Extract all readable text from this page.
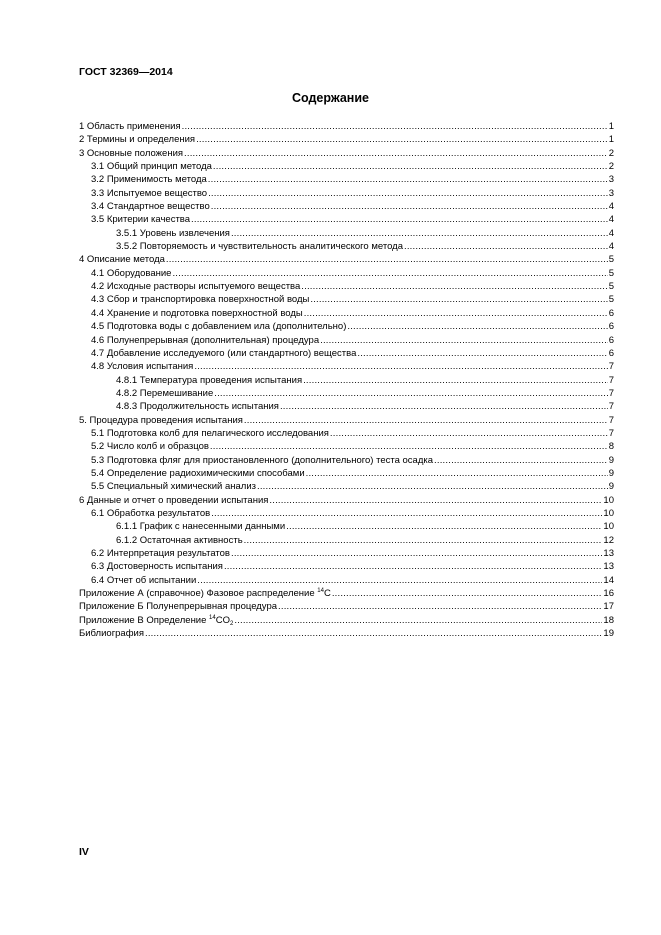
ГОСТ 32369—2014
Содержание
1 Область применения .....	1
2 Термины и определения .....	1
3 Основные положения .....	2
3.1 Общий принцип метода .....	2
3.2 Применимость метода .....	3
3.3 Испытуемое вещество .....	3
3.4 Стандартное вещество .....	4
3.5 Критерии качества .....	4
3.5.1 Уровень извлечения .....	4
3.5.2 Повторяемость и чувствительность аналитического метода .....	4
4 Описание метода .....	5
4.1 Оборудование .....	5
4.2 Исходные растворы испытуемого вещества .....	5
4.3 Сбор и транспортировка поверхностной воды .....	5
4.4 Хранение и подготовка поверхностной воды .....	6
4.5 Подготовка воды с добавлением ила (дополнительно) .....	6
4.6 Полунепрерывная (дополнительная) процедура .....	6
4.7 Добавление исследуемого (или стандартного) вещества .....	6
4.8 Условия испытания .....	7
4.8.1 Температура проведения испытания .....	7
4.8.2 Перемешивание .....	7
4.8.3 Продолжительность испытания .....	7
5. Процедура проведения испытания .....	7
5.1 Подготовка колб для пелагического исследования .....	7
5.2 Число колб и образцов .....	8
5.3 Подготовка фляг для приостановленного (дополнительного) теста осадка .....	9
5.4 Определение радиохимическими способами .....	9
5.5 Специальный химический анализ .....	9
6 Данные и отчет о проведении испытания .....	10
6.1 Обработка результатов .....	10
6.1.1 График с нанесенными данными .....	10
6.1.2 Остаточная активность .....	12
6.2 Интерпретация результатов .....	13
6.3 Достоверность испытания .....	13
6.4 Отчет об испытании .....	14
Приложение А (справочное) Фазовое распределение $^{14}$C .....	16
Приложение Б Полунепрерывная процедура .....	17
Приложение В Определение $^{14}CO_2$ .....	18
Библиография .....	19
IV
